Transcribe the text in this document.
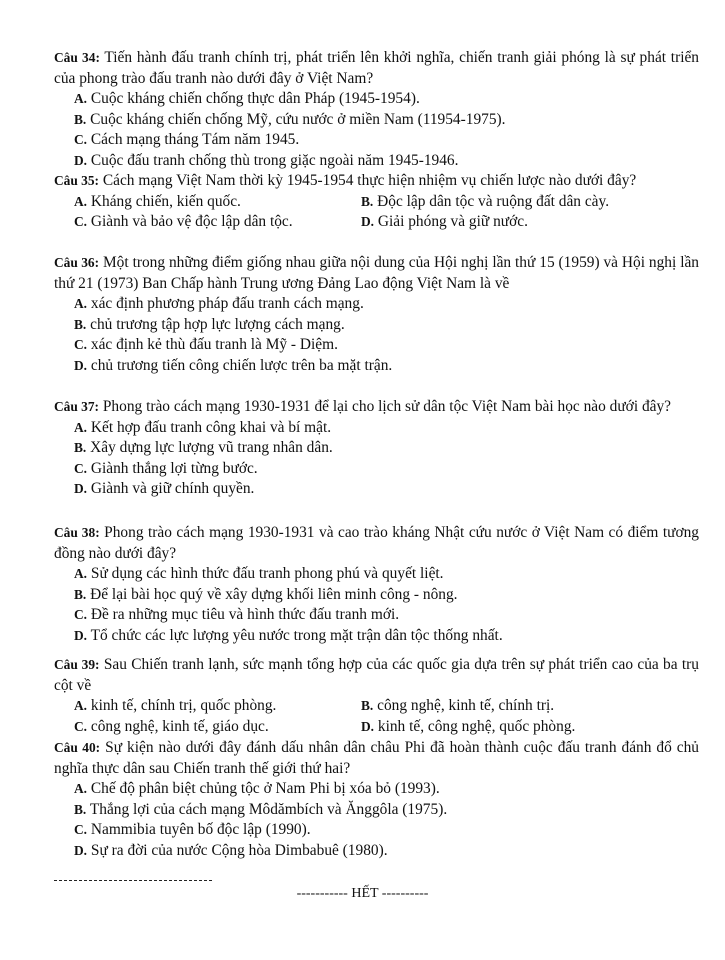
Câu 34: Tiến hành đấu tranh chính trị, phát triển lên khởi nghĩa, chiến tranh giải phóng là sự phát triển của phong trào đấu tranh nào dưới đây ở Việt Nam?
A. Cuộc kháng chiến chống thực dân Pháp (1945-1954).
B. Cuộc kháng chiến chống Mỹ, cứu nước ở miền Nam (11954-1975).
C. Cách mạng tháng Tám năm 1945.
D. Cuộc đấu tranh chống thù trong giặc ngoài năm 1945-1946.
Câu 35: Cách mạng Việt Nam thời kỳ 1945-1954 thực hiện nhiệm vụ chiến lược nào dưới đây?
A. Kháng chiến, kiến quốc.	B. Độc lập dân tộc và ruộng đất dân cày.
C. Giành và bảo vệ độc lập dân tộc.	D. Giải phóng và giữ nước.
Câu 36: Một trong những điểm giống nhau giữa nội dung của Hội nghị lần thứ 15 (1959) và Hội nghị lần thứ 21 (1973) Ban Chấp hành Trung ương Đảng Lao động Việt Nam là về
A. xác định phương pháp đấu tranh cách mạng.
B. chủ trương tập hợp lực lượng cách mạng.
C. xác định kẻ thù đấu tranh là Mỹ - Diệm.
D. chủ trương tiến công chiến lược trên ba mặt trận.
Câu 37: Phong trào cách mạng 1930-1931 để lại cho lịch sử dân tộc Việt Nam bài học nào dưới đây?
A. Kết hợp đấu tranh công khai và bí mật.
B. Xây dựng lực lượng vũ trang nhân dân.
C. Giành thắng lợi từng bước.
D. Giành và giữ chính quyền.
Câu 38: Phong trào cách mạng 1930-1931 và cao trào kháng Nhật cứu nước ở Việt Nam có điểm tương đồng nào dưới đây?
A. Sử dụng các hình thức đấu tranh phong phú và quyết liệt.
B. Để lại bài học quý về xây dựng khối liên minh công - nông.
C. Đề ra những mục tiêu và hình thức đấu tranh mới.
D. Tổ chức các lực lượng yêu nước trong mặt trận dân tộc thống nhất.
Câu 39: Sau Chiến tranh lạnh, sức mạnh tổng hợp của các quốc gia dựa trên sự phát triển cao của ba trụ cột về
A. kinh tế, chính trị, quốc phòng.	B. công nghệ, kinh tế, chính trị.
C. công nghệ, kinh tế, giáo dục.	D. kinh tế, công nghệ, quốc phòng.
Câu 40: Sự kiện nào dưới đây đánh dấu nhân dân châu Phi đã hoàn thành cuộc đấu tranh đánh đổ chủ nghĩa thực dân sau Chiến tranh thế giới thứ hai?
A. Chế độ phân biệt chủng tộc ở Nam Phi bị xóa bỏ (1993).
B. Thắng lợi của cách mạng Môdămbích và Ănggôla (1975).
C. Nammibia tuyên bố độc lập (1990).
D. Sự ra đời của nước Cộng hòa Dimbabuê (1980).
----------- HẾT ----------
